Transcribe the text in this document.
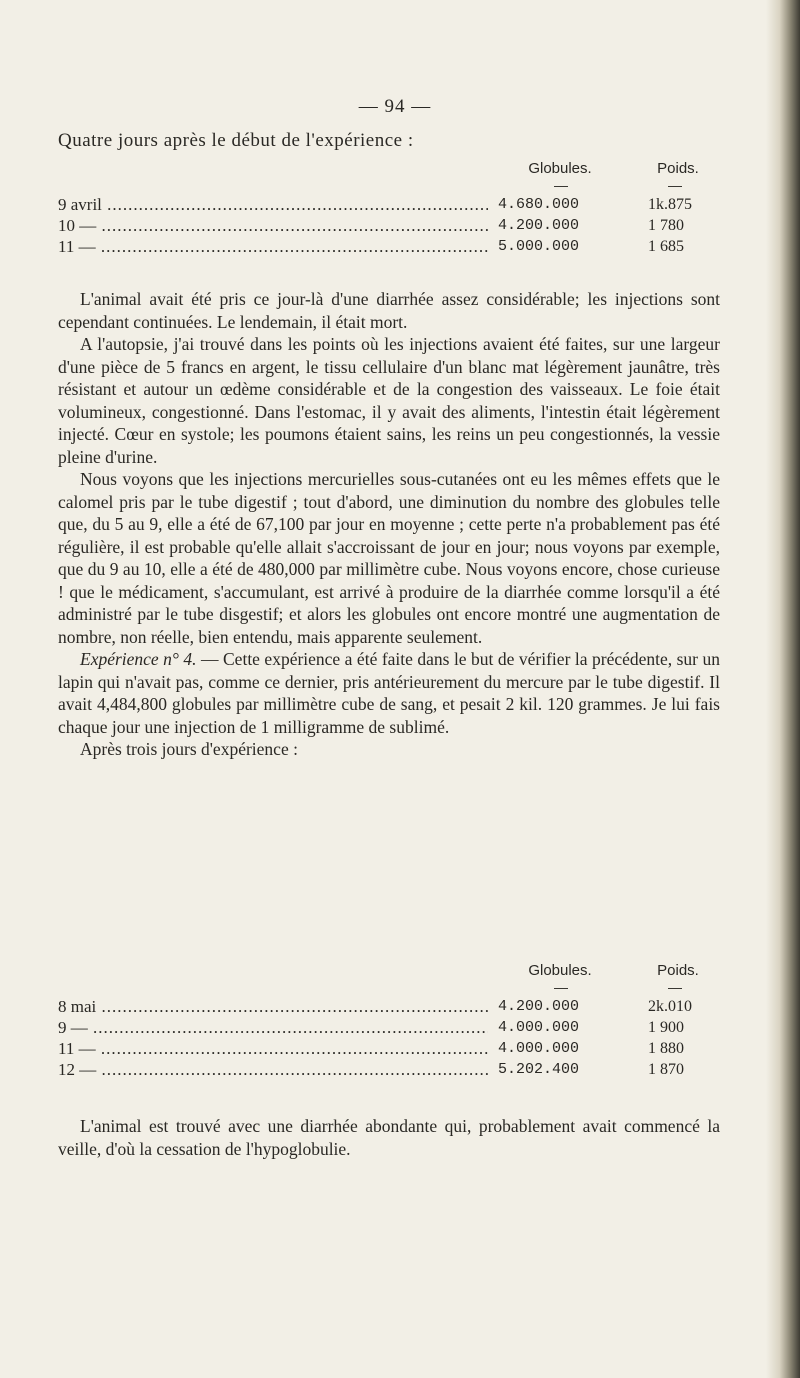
— 94 —
Quatre jours après le début de l'expérience :
Globules.	Poids.
9 avril .....	4.680.000	1k.875
10 — .....	4.200.000	1 780
11 — .....	5.000.000	1 685

L'animal avait été pris ce jour-là d'une diarrhée assez considérable; les injections sont cependant continuées. Le lendemain, il était mort.

A l'autopsie, j'ai trouvé dans les points où les injections avaient été faites, sur une largeur d'une pièce de 5 francs en argent, le tissu cellulaire d'un blanc mat légèrement jaunâtre, très résistant et autour un œdème considérable et de la congestion des vaisseaux. Le foie était volumineux, congestionné. Dans l'estomac, il y avait des aliments, l'intestin était légèrement injecté. Cœur en systole; les poumons étaient sains, les reins un peu congestionnés, la vessie pleine d'urine.

Nous voyons que les injections mercurielles sous-cutanées ont eu les mêmes effets que le calomel pris par le tube digestif ; tout d'abord, une diminution du nombre des globules telle que, du 5 au 9, elle a été de 67,100 par jour en moyenne ; cette perte n'a probablement pas été régulière, il est probable qu'elle allait s'accroissant de jour en jour; nous voyons par exemple, que du 9 au 10, elle a été de 480,000 par millimètre cube. Nous voyons encore, chose curieuse ! que le médicament, s'accumulant, est arrivé à produire de la diarrhée comme lorsqu'il a été administré par le tube disgestif; et alors les globules ont encore montré une augmentation de nombre, non réelle, bien entendu, mais apparente seulement.

Expérience n° 4. — Cette expérience a été faite dans le but de vérifier la précédente, sur un lapin qui n'avait pas, comme ce dernier, pris antérieurement du mercure par le tube digestif. Il avait 4,484,800 globules par millimètre cube de sang, et pesait 2 kil. 120 grammes. Je lui fais chaque jour une injection de 1 milligramme de sublimé.

Après trois jours d'expérience :

Globules.	Poids.
8 mai .....	4.200.000	2k.010
9 — .....	4.000.000	1 900
11 — .....	4.000.000	1 880
12 — .....	5.202.400	1 870

L'animal est trouvé avec une diarrhée abondante qui, probablement avait commencé la veille, d'où la cessation de l'hypoglobulie.
